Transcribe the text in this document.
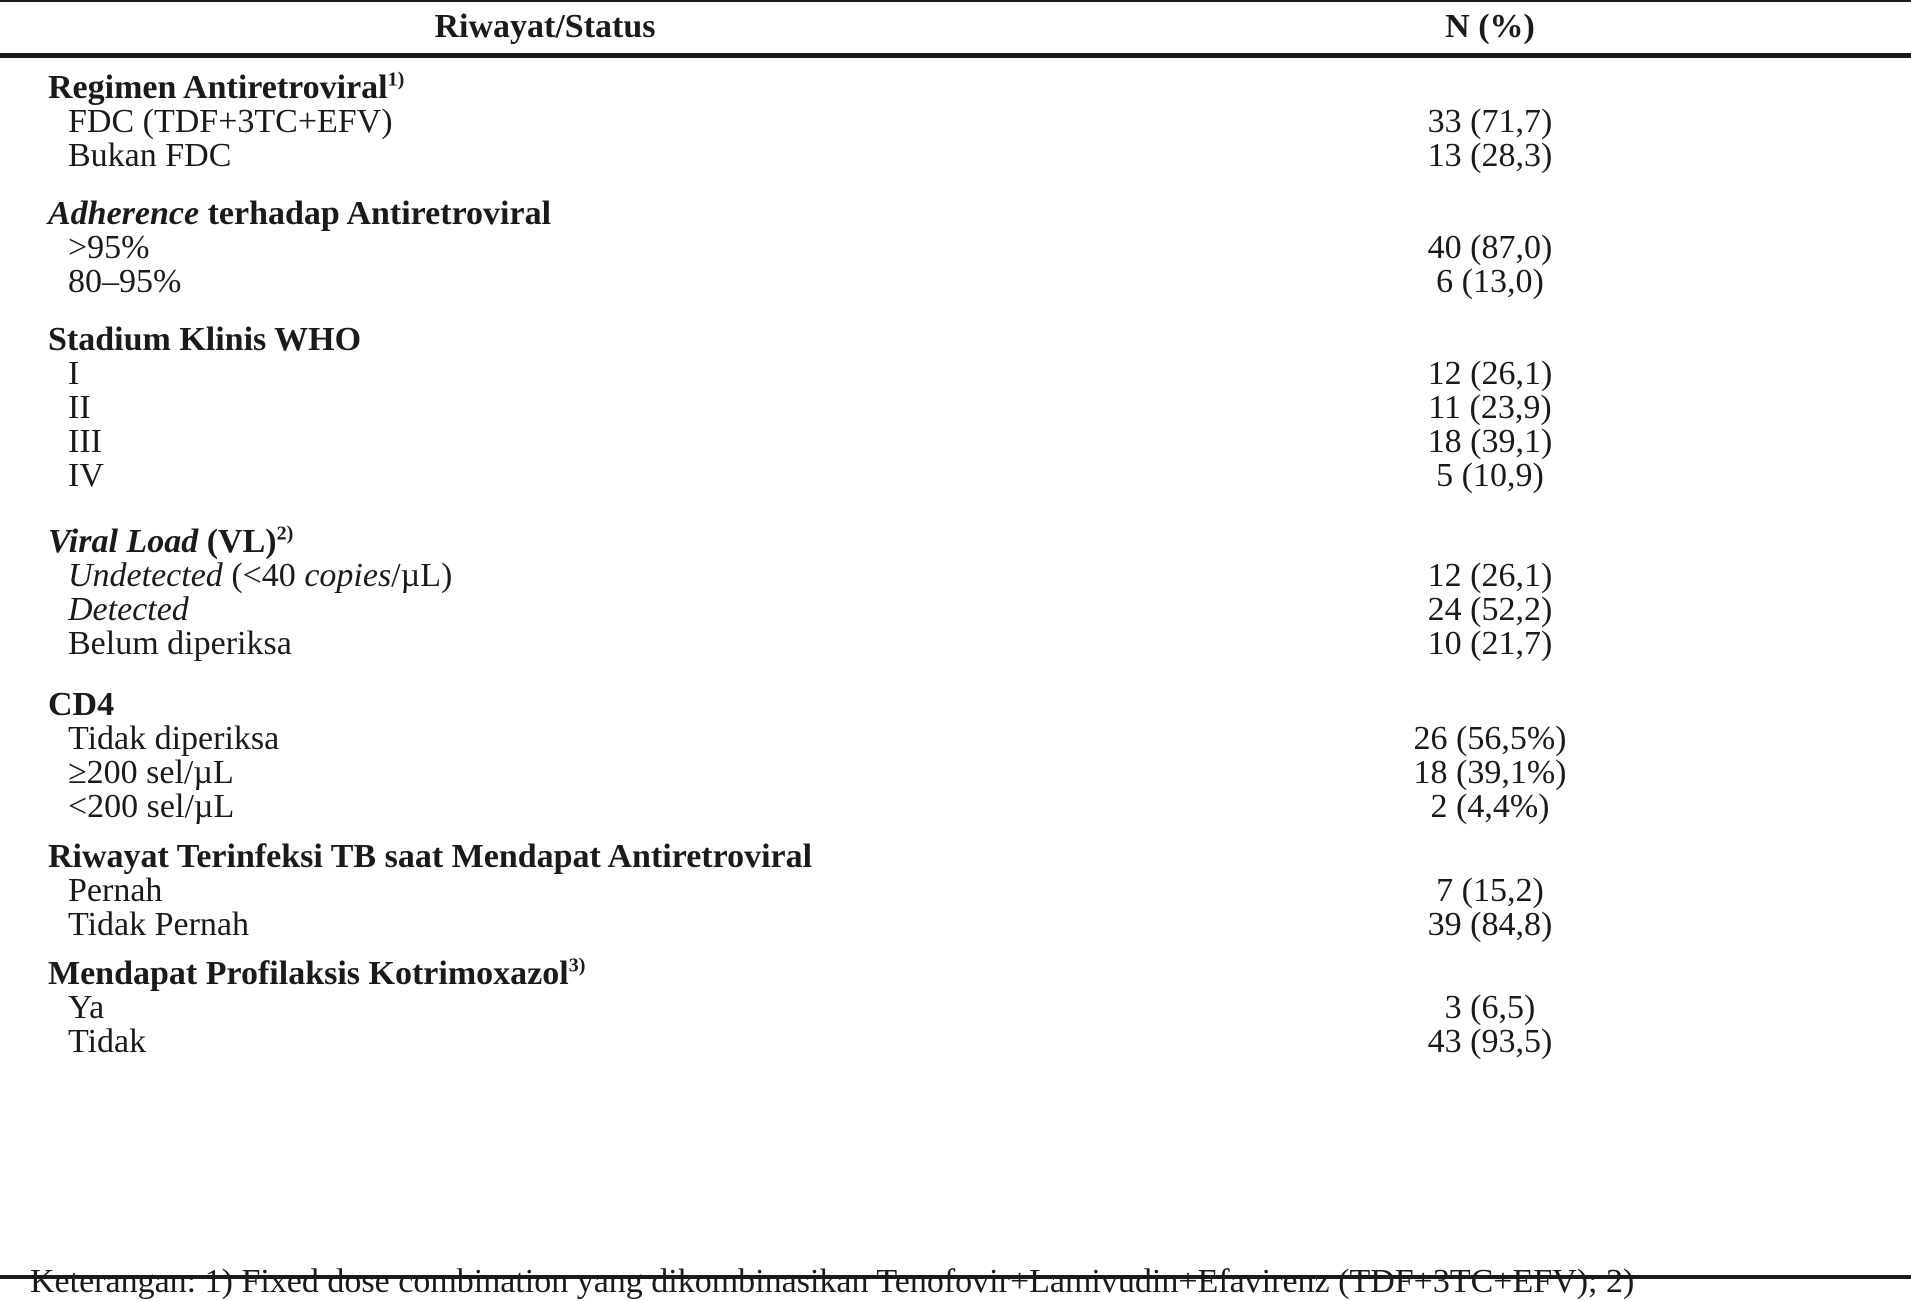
Riwayat/Status	N (%)
Regimen Antiretroviral$^{1)}$
FDC (TDF+3TC+EFV)	33 (71,7)
Bukan FDC	13 (28,3)
Adherence terhadap Antiretroviral
>95%	40 (87,0)
80–95%	6 (13,0)
Stadium Klinis WHO
I	12 (26,1)
II	11 (23,9)
III	18 (39,1)
IV	5 (10,9)
Viral Load (VL)$^{2)}$
Undetected (<40 copies/µL)	12 (26,1)
Detected	24 (52,2)
Belum diperiksa	10 (21,7)
CD4
Tidak diperiksa	26 (56,5%)
≥200 sel/µL	18 (39,1%)
<200 sel/µL	2 (4,4%)
Riwayat Terinfeksi TB saat Mendapat Antiretroviral
Pernah	7 (15,2)
Tidak Pernah	39 (84,8)
Mendapat Profilaksis Kotrimoxazol$^{3)}$
Ya	3 (6,5)
Tidak	43 (93,5)
Keterangan: 1) Fixed dose combination yang dikombinasikan Tenofovir+Lamivudin+Efavirenz (TDF+3TC+EFV); 2)
